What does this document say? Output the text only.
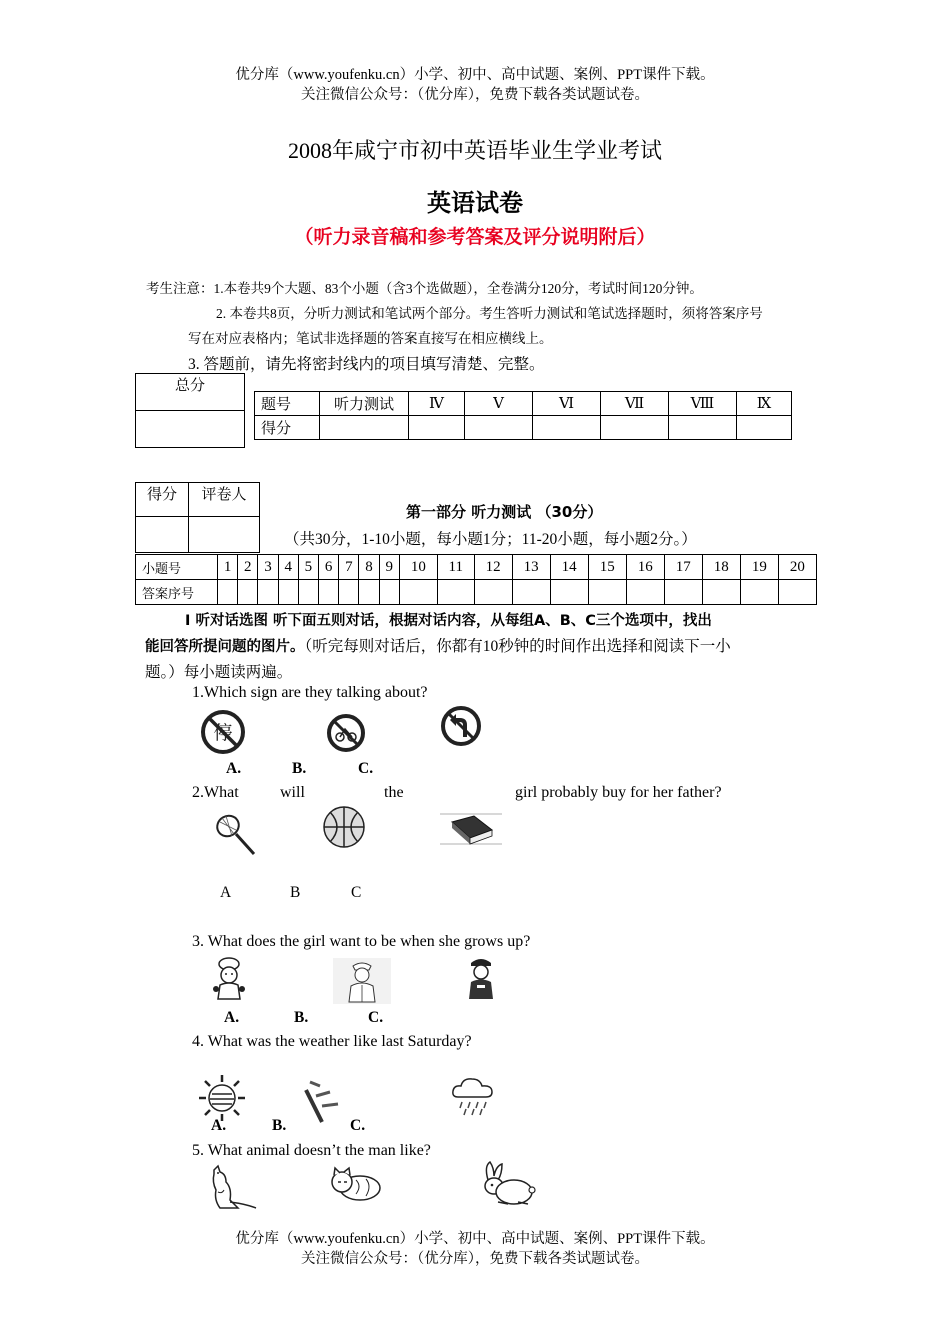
优分库（www.youfenku.cn）小学、初中、高中试题、案例、PPT课件下载。
关注微信公众号：（优分库），免费下载各类试题试卷。
2008年咸宁市初中英语毕业生学业考试
英语试卷
（听力录音稿和参考答案及评分说明附后）
考生注意：1.本卷共9个大题、83个小题（含3个选做题），全卷满分120分，考试时间120分钟。
2. 本卷共8页，分听力测试和笔试两个部分。考生答听力测试和笔试选择题时，须将答案序号
写在对应表格内；笔试非选择题的答案直接写在相应横线上。
3. 答题前，请先将密封线内的项目填写清楚、完整。
总分

题号	听力测试	Ⅳ	Ⅴ	Ⅵ	Ⅶ	Ⅷ	Ⅸ
得分							
得分	评卷人

第一部分 听力测试 （30分）
（共30分，1-10小题，每小题1分；11-20小题，每小题2分。）
小题号	1	2	3	4	5	6	7	8	9	10	11	12	13	14	15	16	17	18	19	20
答案序号																				
Ⅰ 听对话选图 听下面五则对话，根据对话内容，从每组A、B、C三个选项中，找出
能回答所提问题的图片。（听完每则对话后，你都有10秒钟的时间作出选择和阅读下一小
题。）每小题读两遍。
1.Which sign are they talking about?
停
A.	B.	C.
2.What	will	the	girl probably buy for her father?
A	B	C
3. What does the girl want to be when she grows up?
A.	B.	C.
4. What was the weather like last Saturday?
A.	B.	C.
5. What animal doesn’t the man like?
优分库（www.youfenku.cn）小学、初中、高中试题、案例、PPT课件下载。
关注微信公众号：（优分库），免费下载各类试题试卷。
